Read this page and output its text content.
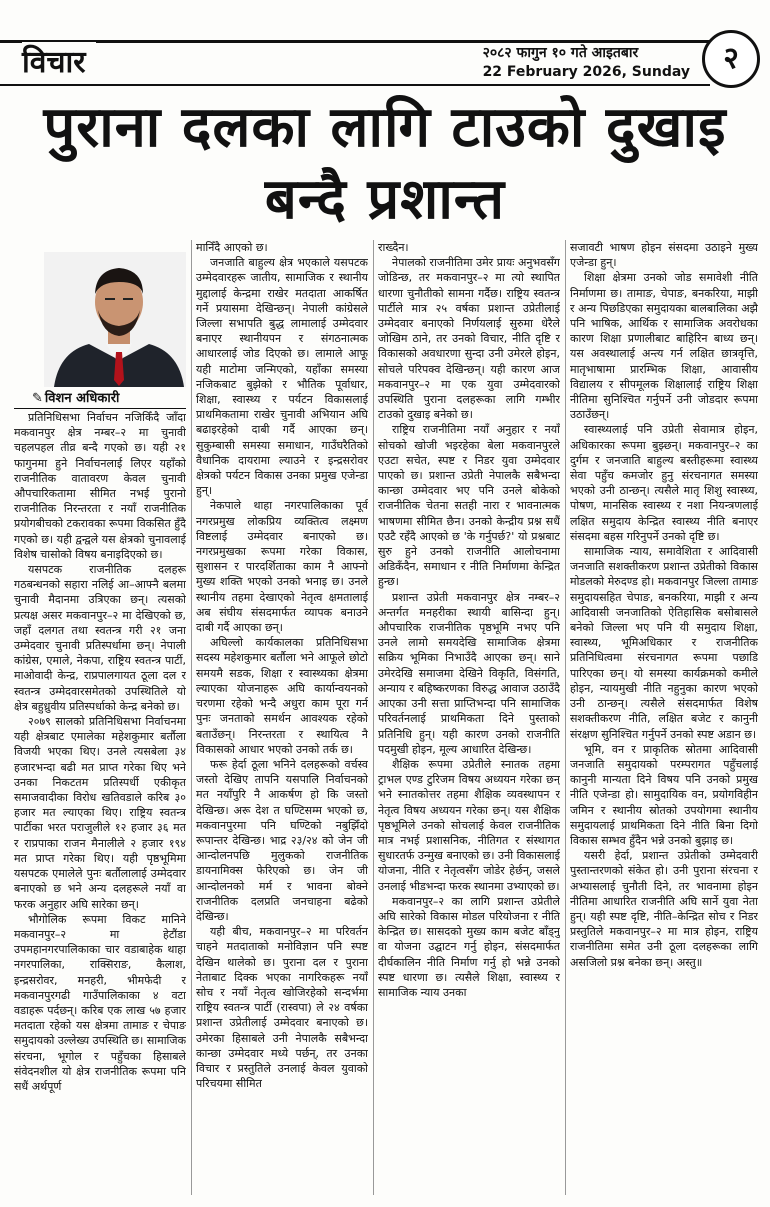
विचार	२०८२ फागुन १० गते आइतबार
22 February 2026, Sunday	२
पुराना दलका लागि टाउको दुखाइ बन्दै प्रशान्त
✎ विशन अधिकारी

प्रतिनिधिसभा निर्वाचन नजिकिँदै जाँदा मकवानपुर क्षेत्र नम्बर–२ मा चुनावी चहलपहल तीव्र बन्दै गएको छ। यही २१ फागुनमा हुने निर्वाचनलाई लिएर यहाँको राजनीतिक वातावरण केवल चुनावी औपचारिकतामा सीमित नभई पुरानो राजनीतिक निरन्तरता र नयाँ राजनीतिक प्रयोगबीचको टकरावका रूपमा विकसित हुँदै गएको छ। यही द्वन्द्वले यस क्षेत्रको चुनावलाई विशेष चासोको विषय बनाइदिएको छ।

यसपटक राजनीतिक दलहरू गठबन्धनको सहारा नलिई आ–आफ्नै बलमा चुनावी मैदानमा उत्रिएका छन्। त्यसको प्रत्यक्ष असर मकवानपुर–२ मा देखिएको छ, जहाँ दलगत तथा स्वतन्त्र गरी २१ जना उम्मेदवार चुनावी प्रतिस्पर्धामा छन्। नेपाली कांग्रेस, एमाले, नेकपा, राष्ट्रिय स्वतन्त्र पार्टी, माओवादी केन्द्र, राप्रपालगायत ठूला दल र स्वतन्त्र उम्मेदवारसमेतको उपस्थितिले यो क्षेत्र बहुध्रुवीय प्रतिस्पर्धाको केन्द्र बनेको छ।

२०७९ सालको प्रतिनिधिसभा निर्वाचनमा यही क्षेत्रबाट एमालेका महेशकुमार बर्तौला विजयी भएका थिए। उनले त्यसबेला ३४ हजारभन्दा बढी मत प्राप्त गरेका थिए भने उनका निकटतम प्रतिस्पर्धी एकीकृत समाजवादीका विरोध खतिवडाले करिब ३० हजार मत ल्याएका थिए। राष्ट्रिय स्वतन्त्र पार्टीका भरत पराजुलीले १२ हजार ३६ मत र राप्रपाका राजन मैनालीले २ हजार १९४ मत प्राप्त गरेका थिए। यही पृष्ठभूमिमा यसपटक एमालेले पुनः बर्तौलालाई उम्मेदवार बनाएको छ भने अन्य दलहरूले नयाँ वा फरक अनुहार अघि सारेका छन्।

भौगोलिक रूपमा विकट मानिने मकवानपुर–२ मा हेटौंडा उपमहानगरपालिकाका चार वडाबाहेक थाहा नगरपालिका, राक्सिराङ, कैलाश, इन्द्रसरोवर, मनहरी, भीमफेदी र मकवानपुरगढी गाउँपालिकाका ४ वटा वडाहरू पर्दछन्। करिब एक लाख ५७ हजार मतदाता रहेको यस क्षेत्रमा तामाङ र चेपाङ समुदायको उल्लेख्य उपस्थिति छ। सामाजिक संरचना, भूगोल र पहुँचका हिसाबले संवेदनशील यो क्षेत्र राजनीतिक रूपमा पनि सधैं अर्थपूर्ण

मानिँदै आएको छ।

जनजाति बाहुल्य क्षेत्र भएकाले यसपटक उम्मेदवारहरू जातीय, सामाजिक र स्थानीय मुद्दालाई केन्द्रमा राखेर मतदाता आकर्षित गर्ने प्रयासमा देखिन्छन्। नेपाली कांग्रेसले जिल्ला सभापति बुद्ध लामालाई उम्मेदवार बनाएर स्थानीयपन र संगठनात्मक आधारलाई जोड दिएको छ। लामाले आफू यही माटोमा जन्मिएको, यहाँका समस्या नजिकबाट बुझेको र भौतिक पूर्वाधार, शिक्षा, स्वास्थ्य र पर्यटन विकासलाई प्राथमिकतामा राखेर चुनावी अभियान अघि बढाइरहेको दाबी गर्दै आएका छन्। सुकुम्बासी समस्या समाधान, गाउँघरैतिको वैधानिक दायरामा ल्याउने र इन्द्रसरोवर क्षेत्रको पर्यटन विकास उनका प्रमुख एजेन्डा हुन्।

नेकपाले थाहा नगरपालिकाका पूर्व नगरप्रमुख लोकप्रिय व्यक्तित्व लक्ष्मण विष्टलाई उम्मेदवार बनाएको छ। नगरप्रमुखका रूपमा गरेका विकास, सुशासन र पारदर्शिताका काम नै आफ्नो मुख्य शक्ति भएको उनको भनाइ छ। उनले स्थानीय तहमा देखाएको नेतृत्व क्षमतालाई अब संघीय संसदमार्फत व्यापक बनाउने दाबी गर्दै आएका छन्।

अघिल्लो कार्यकालका प्रतिनिधिसभा सदस्य महेशकुमार बर्तौला भने आफूले छोटो समयमै सडक, शिक्षा र स्वास्थ्यका क्षेत्रमा ल्याएका योजनाहरू अघि कार्यान्वयनको चरणमा रहेको भन्दै अधुरा काम पूरा गर्न पुनः जनताको समर्थन आवश्यक रहेको बताउँछन्। निरन्तरता र स्थायित्व नै विकासको आधार भएको उनको तर्क छ।

फरू हेर्दा ठूला भनिने दलहरूको वर्चस्व जस्तो देखिए तापनि यसपालि निर्वाचनको मत नयाँपुरि नै आकर्षण हो कि जस्तो देखिन्छ। अरू देश त घण्टिसम्म भएको छ, मकवानपुरमा पनि घण्टिको नबुझिँदो रूपान्तर देखिन्छ। भाद्र २३/२४ को जेन जी आन्दोलनपछि मुलुकको राजनीतिक डायनामिक्स फेरिएको छ। जेन जी आन्दोलनको मर्म र भावना बोक्ने राजनीतिक दलप्रति जनचाहना बढेको देखिन्छ।

यही बीच, मकवानपुर–२ मा परिवर्तन चाहने मतदाताको मनोविज्ञान पनि स्पष्ट देखिन थालेको छ। पुराना दल र पुराना नेताबाट दिक्क भएका नागरिकहरू नयाँ सोच र नयाँ नेतृत्व खोजिरहेको सन्दर्भमा राष्ट्रिय स्वतन्त्र पार्टी (रास्वपा) ले २४ वर्षका प्रशान्त उप्रेतीलाई उम्मेदवार बनाएको छ। उमेरका हिसाबले उनी नेपालकै सबैभन्दा कान्छा उम्मेदवार मध्ये पर्छन्, तर उनका विचार र प्रस्तुतिले उनलाई केवल युवाको परिचयमा सीमित

राख्दैन।

नेपालको राजनीतिमा उमेर प्रायः अनुभवसँग जोडिन्छ, तर मकवानपुर–२ मा त्यो स्थापित धारणा चुनौतीको सामना गर्दैछ। राष्ट्रिय स्वतन्त्र पार्टीले मात्र २५ वर्षका प्रशान्त उप्रेतीलाई उम्मेदवार बनाएको निर्णयलाई सुरुमा धेरैले जोखिम ठाने, तर उनको विचार, नीति दृष्टि र विकासको अवधारणा सुन्दा उनी उमेरले होइन, सोचले परिपक्व देखिन्छन्। यही कारण आज मकवानपुर–२ मा एक युवा उम्मेदवारको उपस्थिति पुराना दलहरूका लागि गम्भीर टाउको दुखाइ बनेको छ।

राष्ट्रिय राजनीतिमा नयाँ अनुहार र नयाँ सोचको खोजी भइरहेका बेला मकवानपुरले एउटा सचेत, स्पष्ट र निडर युवा उम्मेदवार पाएको छ। प्रशान्त उप्रेती नेपालकै सबैभन्दा कान्छा उम्मेदवार भए पनि उनले बोकेको राजनीतिक चेतना सतही नारा र भावनात्मक भाषणमा सीमित छैन। उनको केन्द्रीय प्रश्न सधैं एउटै रहँदै आएको छ 'के गर्नुपर्छ?' यो प्रश्नबाट सुरु हुने उनको राजनीति आलोचनामा अडिकँदैन, समाधान र नीति निर्माणमा केन्द्रित हुन्छ।

प्रशान्त उप्रेती मकवानपुर क्षेत्र नम्बर–२ अन्तर्गत मनहरीका स्थायी बासिन्दा हुन्। औपचारिक राजनीतिक पृष्ठभूमि नभए पनि उनले लामो समयदेखि सामाजिक क्षेत्रमा सक्रिय भूमिका निभाउँदै आएका छन्। साने उमेरदेखि समाजमा देखिने विकृति, विसंगति, अन्याय र बहिष्करणका विरुद्ध आवाज उठाउँदै आएका उनी सत्ता प्राप्तिभन्दा पनि सामाजिक परिवर्तनलाई प्राथमिकता दिने पुस्ताको प्रतिनिधि हुन्। यही कारण उनको राजनीति पदमुखी होइन, मूल्य आधारित देखिन्छ।

शैक्षिक रूपमा उप्रेतीले स्नातक तहमा ट्राभल एण्ड टुरिजम विषय अध्ययन गरेका छन् भने स्नातकोत्तर तहमा शैक्षिक व्यवस्थापन र नेतृत्व विषय अध्ययन गरेका छन्। यस शैक्षिक पृष्ठभूमिले उनको सोचलाई केवल राजनीतिक मात्र नभई प्रशासनिक, नीतिगत र संस्थागत सुधारतर्फ उन्मुख बनाएको छ। उनी विकासलाई योजना, नीति र नेतृत्वसँग जोडेर हेर्छन्, जसले उनलाई भीडभन्दा फरक स्थानमा उभ्याएको छ।

मकवानपुर–२ का लागि प्रशान्त उप्रेतीले अघि सारेको विकास मोडल परियोजना र नीति केन्द्रित छ। सासदको मुख्य काम बजेट बाँड्नु वा योजना उद्घाटन गर्नु होइन, संसदमार्फत दीर्घकालिन नीति निर्माण गर्नु हो भन्ने उनको स्पष्ट धारणा छ। त्यसैले शिक्षा, स्वास्थ्य र सामाजिक न्याय उनका

सजावटी भाषण होइन संसदमा उठाइने मुख्य एजेन्डा हुन्।

शिक्षा क्षेत्रमा उनको जोड समावेशी नीति निर्माणमा छ। तामाङ, चेपाङ, बनकरिया, माझी र अन्य पिछडिएका समुदायका बालबालिका अझै पनि भाषिक, आर्थिक र सामाजिक अवरोधका कारण शिक्षा प्रणालीबाट बाहिरिन बाध्य छन्। यस अवस्थालाई अन्त्य गर्न लक्षित छात्रवृत्ति, मातृभाषामा प्रारम्भिक शिक्षा, आवासीय विद्यालय र सीपमूलक शिक्षालाई राष्ट्रिय शिक्षा नीतिमा सुनिश्चित गर्नुपर्ने उनी जोडदार रूपमा उठाउँछन्।

स्वास्थ्यलाई पनि उप्रेती सेवामात्र होइन, अधिकारका रूपमा बुझ्छन्। मकवानपुर–२ का दुर्गम र जनजाति बाहुल्य बस्तीहरूमा स्वास्थ्य सेवा पहुँच कमजोर हुनु संरचनागत समस्या भएको उनी ठान्छन्। त्यसैले मातृ शिशु स्वास्थ्य, पोषण, मानसिक स्वास्थ्य र नशा नियन्त्रणलाई लक्षित समुदाय केन्द्रित स्वास्थ्य नीति बनाएर संसदमा बहस गरिनुपर्ने उनको दृष्टि छ।

सामाजिक न्याय, समावेशिता र आदिवासी जनजाति सशक्तीकरण प्रशान्त उप्रेतीको विकास मोडलको मेरुदण्ड हो। मकवानपुर जिल्ला तामाङ समुदायसहित चेपाङ, बनकरिया, माझी र अन्य आदिवासी जनजातिको ऐतिहासिक बसोबासले बनेको जिल्ला भए पनि यी समुदाय शिक्षा, स्वास्थ्य, भूमिअधिकार र राजनीतिक प्रतिनिधित्वमा संरचनागत रूपमा पछाडि पारिएका छन्। यो समस्या कार्यक्रमको कमीले होइन, न्यायमुखी नीति नहुनुका कारण भएको उनी ठान्छन्। त्यसैले संसदमार्फत विशेष सशक्तीकरण नीति, लक्षित बजेट र कानुनी संरक्षण सुनिश्चित गर्नुपर्ने उनको स्पष्ट अडान छ।

भूमि, वन र प्राकृतिक स्रोतमा आदिवासी जनजाति समुदायको परम्परागत पहुँचलाई कानुनी मान्यता दिने विषय पनि उनको प्रमुख नीति एजेन्डा हो। सामुदायिक वन, प्रयोगविहीन जमिन र स्थानीय स्रोतको उपयोगमा स्थानीय समुदायलाई प्राथमिकता दिने नीति बिना दिगो विकास सम्भव हुँदैन भन्ने उनको बुझाइ छ।

यसरी हेर्दा, प्रशान्त उप्रेतीको उम्मेदवारी पुस्तान्तरणको संकेत हो। उनी पुराना संरचना र अभ्यासलाई चुनौती दिने, तर भावनामा होइन नीतिमा आधारित राजनीति अघि सार्ने युवा नेता हुन्। यही स्पष्ट दृष्टि, नीति–केन्द्रित सोच र निडर प्रस्तुतिले मकवानपुर–२ मा मात्र होइन, राष्ट्रिय राजनीतिमा समेत उनी ठूला दलहरूका लागि असजिलो प्रश्न बनेका छन्। अस्तु॥
